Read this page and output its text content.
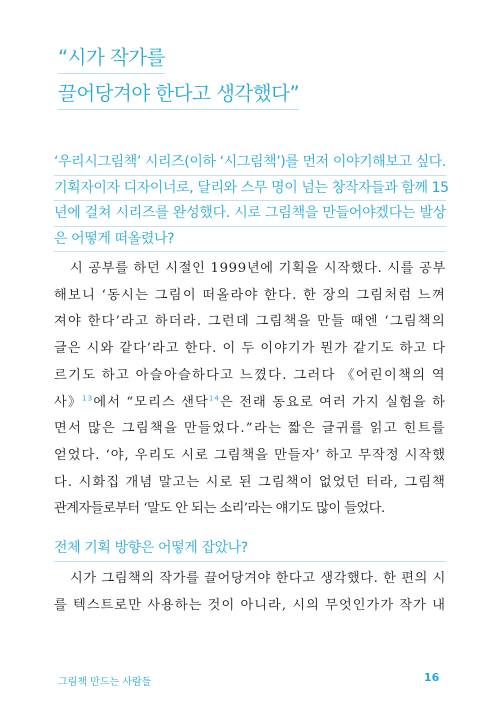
“시가 작가를
끌어당겨야 한다고 생각했다”
‘우리시그림책’ 시리즈(이하 ‘시그림책’)를 먼저 이야기해보고 싶다.
기획자이자 디자이너로, 달리와 스무 명이 넘는 창작자들과 함께 15
년에 걸쳐 시리즈를 완성했다. 시로 그림책을 만들어야겠다는 발상
은 어떻게 떠올렸나?
시 공부를 하던 시절인 1999년에 기획을 시작했다. 시를 공부
해보니 ‘동시는 그림이 떠올라야 한다. 한 장의 그림처럼 느껴
져야 한다’라고 하더라. 그런데 그림책을 만들 때엔 ‘그림책의
글은 시와 같다’라고 한다. 이 두 이야기가 뭔가 같기도 하고 다
르기도 하고 아슬아슬하다고 느꼈다. 그러다 《어린이책의 역
사》$^{13}$에서 “모리스 샌닥$^{14}$은 전래 동요로 여러 가지 실험을 하
면서 많은 그림책을 만들었다.”라는 짧은 글귀를 읽고 힌트를
얻었다. ‘야, 우리도 시로 그림책을 만들자’ 하고 무작정 시작했
다. 시화집 개념 말고는 시로 된 그림책이 없었던 터라, 그림책
관계자들로부터 ‘말도 안 되는 소리’라는 얘기도 많이 들었다.
전체 기획 방향은 어떻게 잡았나?
시가 그림책의 작가를 끌어당겨야 한다고 생각했다. 한 편의 시
를 텍스트로만 사용하는 것이 아니라, 시의 무엇인가가 작가 내
그림책 만드는 사람들	16
